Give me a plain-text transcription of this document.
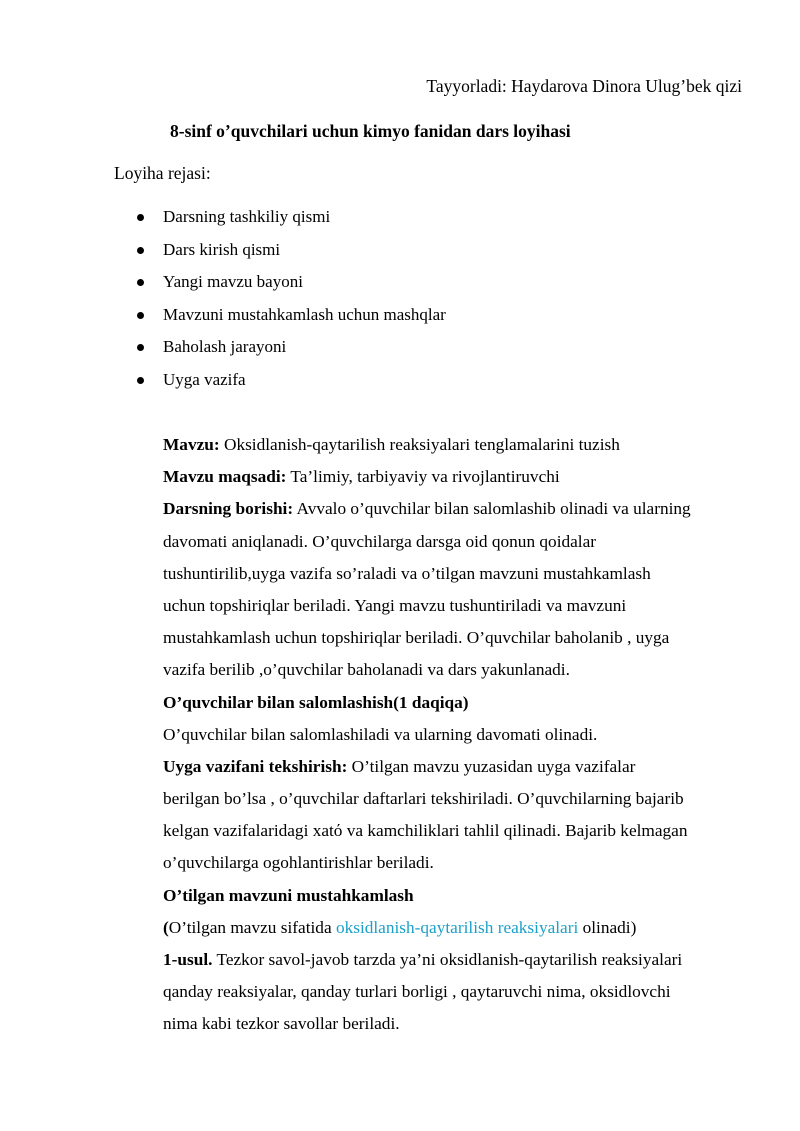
Tayyorladi: Haydarova Dinora Ulug’bek qizi
8-sinf o’quvchilari uchun kimyo fanidan dars loyihasi
Loyiha rejasi:
Darsning tashkiliy qismi
Dars kirish qismi
Yangi mavzu bayoni
Mavzuni mustahkamlash uchun mashqlar
Baholash jarayoni
Uyga vazifa
Mavzu: Oksidlanish-qaytarilish reaksiyalari tenglamalarini tuzish
Mavzu maqsadi: Ta’limiy, tarbiyaviy va rivojlantiruvchi
Darsning borishi: Avvalo o’quvchilar bilan salomlashib olinadi va ularning
davomati aniqlanadi. O’quvchilarga darsga oid qonun qoidalar
tushuntirilib,uyga vazifa so’raladi va o’tilgan mavzuni mustahkamlash
uchun topshiriqlar beriladi. Yangi mavzu tushuntiriladi va mavzuni
mustahkamlash uchun topshiriqlar beriladi. O’quvchilar baholanib , uyga
vazifa berilib ,o’quvchilar baholanadi va dars yakunlanadi.
O’quvchilar bilan salomlashish(1 daqiqa)
O’quvchilar bilan salomlashiladi va ularning davomati olinadi.
Uyga vazifani tekshirish: O’tilgan mavzu yuzasidan uyga vazifalar
berilgan bo’lsa , o’quvchilar daftarlari tekshiriladi. O’quvchilarning bajarib
kelgan vazifalaridagi xatό va kamchiliklari tahlil qilinadi. Bajarib kelmagan
o’quvchilarga ogohlantirishlar beriladi.
O’tilgan mavzuni mustahkamlash
(O’tilgan mavzu sifatida oksidlanish-qaytarilish reaksiyalari olinadi)
1-usul. Tezkor savol-javob tarzda ya’ni oksidlanish-qaytarilish reaksiyalari
qanday reaksiyalar, qanday turlari borligi , qaytaruvchi nima, oksidlovchi
nima kabi tezkor savollar beriladi.
